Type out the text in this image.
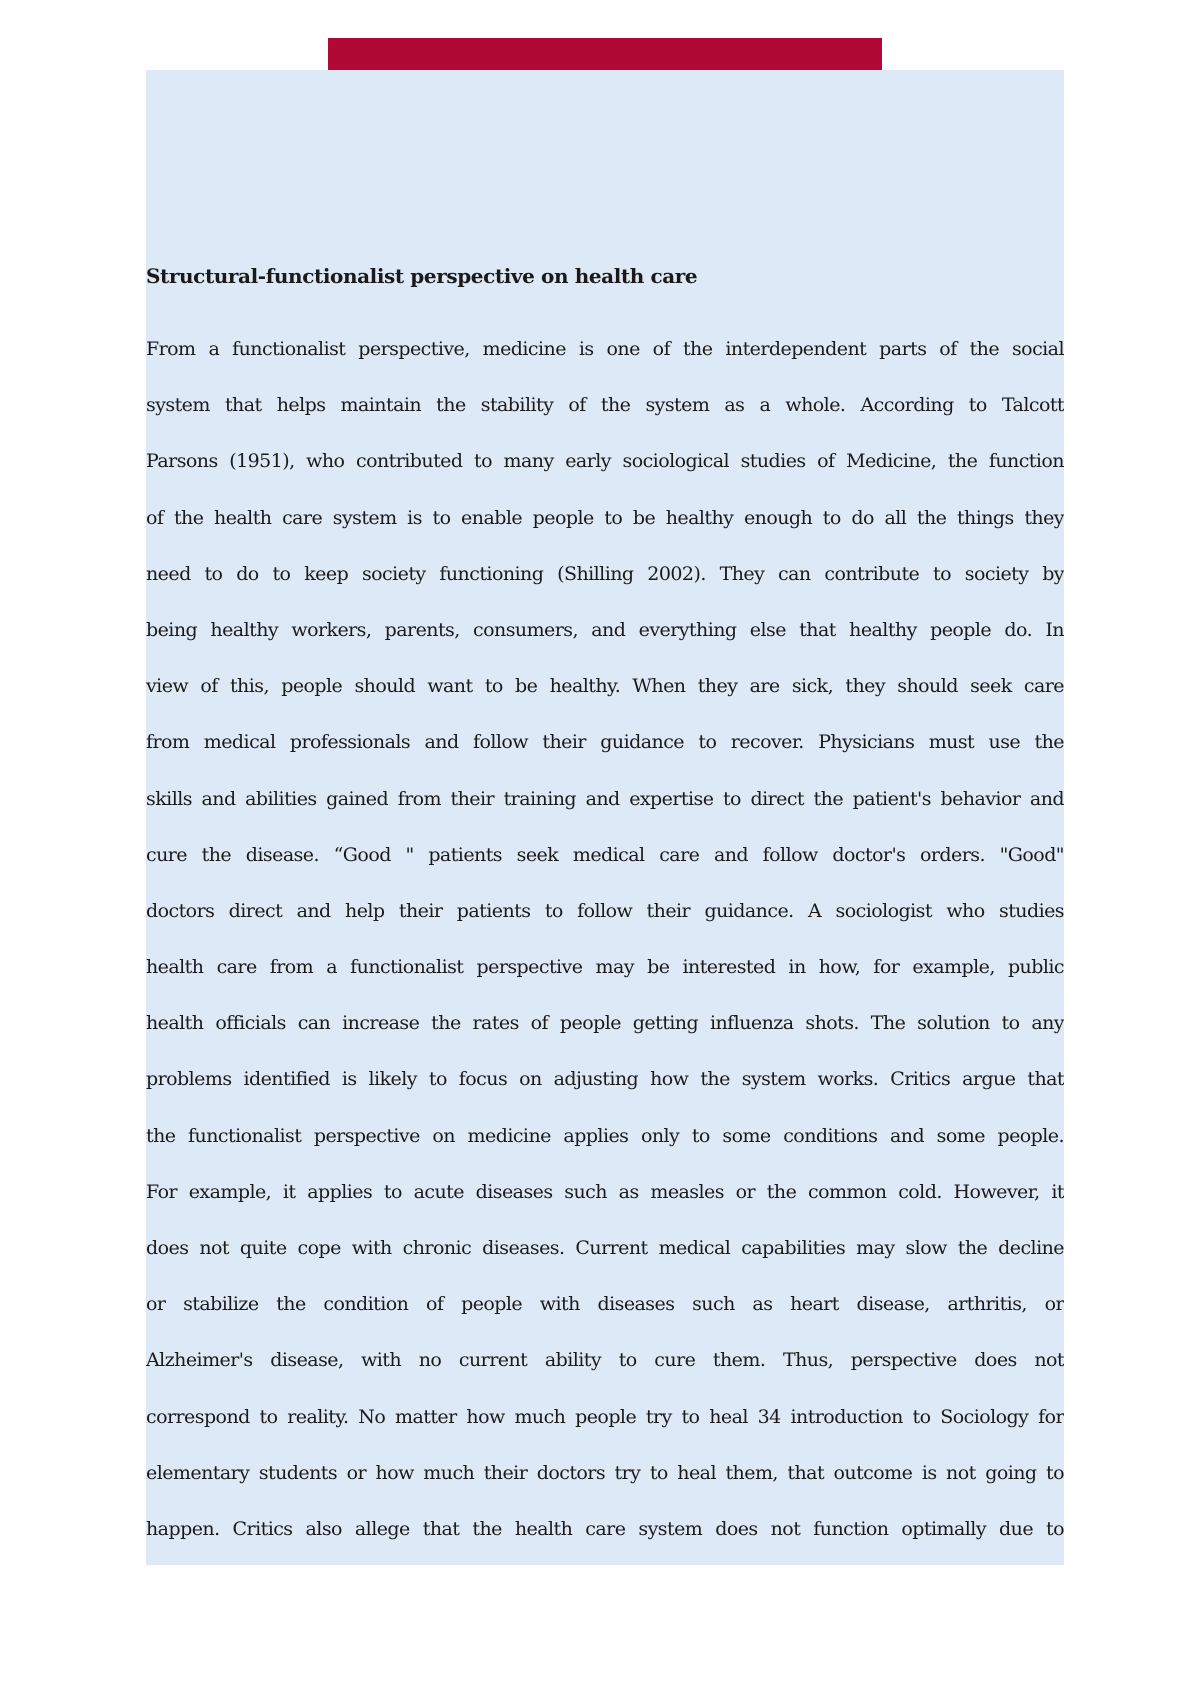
Structural-functionalist perspective on health care
From a functionalist perspective, medicine is one of the interdependent parts of the social
system that helps maintain the stability of the system as a whole. According to Talcott
Parsons (1951), who contributed to many early sociological studies of Medicine, the function
of the health care system is to enable people to be healthy enough to do all the things they
need to do to keep society functioning (Shilling 2002). They can contribute to society by
being healthy workers, parents, consumers, and everything else that healthy people do. In
view of this, people should want to be healthy. When they are sick, they should seek care
from medical professionals and follow their guidance to recover. Physicians must use the
skills and abilities gained from their training and expertise to direct the patient's behavior and
cure the disease. “Good " patients seek medical care and follow doctor's orders. "Good"
doctors direct and help their patients to follow their guidance. A sociologist who studies
health care from a functionalist perspective may be interested in how, for example, public
health officials can increase the rates of people getting influenza shots. The solution to any
problems identified is likely to focus on adjusting how the system works. Critics argue that
the functionalist perspective on medicine applies only to some conditions and some people.
For example, it applies to acute diseases such as measles or the common cold. However, it
does not quite cope with chronic diseases. Current medical capabilities may slow the decline
or stabilize the condition of people with diseases such as heart disease, arthritis, or
Alzheimer's disease, with no current ability to cure them. Thus, perspective does not
correspond to reality. No matter how much people try to heal 34 introduction to Sociology for
elementary students or how much their doctors try to heal them, that outcome is not going to
happen. Critics also allege that the health care system does not function optimally due to
